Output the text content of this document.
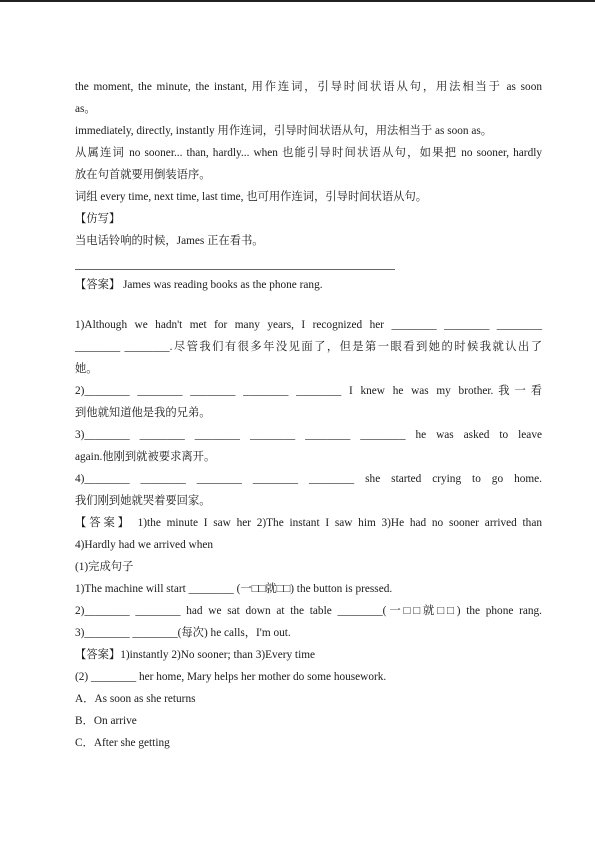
the moment, the minute, the instant, 用作连词，引导时间状语从句，用法相当于 as soon

as。

immediately, directly, instantly 用作连词，引导时间状语从句，用法相当于 as soon as。

从属连词 no sooner... than, hardly... when 也能引导时间状语从句，如果把 no sooner, hardly

放在句首就要用倒装语序。

词组 every time, next time, last time, 也可用作连词，引导时间状语从句。

【仿写】

当电话铃响的时候，James 正在看书。

【答案】 James was reading books as the phone rang.

1)Although we hadn't met for many years, I recognized her ________ ________ ________

________ ________.尽管我们有很多年没见面了，但是第一眼看到她的时候我就认出了

她。

2)________ ________ ________ ________ ________ I knew he was my brother.我一看

到他就知道他是我的兄弟。

3)________ ________ ________ ________ ________ ________ he was asked to leave

again.他刚到就被要求离开。

4)________ ________ ________ ________ ________ she started crying to go home.

我们刚到她就哭着要回家。

【答案】 1)the minute I saw her 2)The instant I saw him 3)He had no sooner arrived than

4)Hardly had we arrived when

(1)完成句子

1)The machine will start ________ (一□□就□□) the button is pressed.

2)________ ________ had we sat down at the table ________(一□□就□□) the phone rang.

3)________ ________(每次) he calls，I'm out.

【答案】1)instantly 2)No sooner; than 3)Every time

(2) ________ her home, Mary helps her mother do some housework.

A．As soon as she returns

B．On arrive

C．After she getting
